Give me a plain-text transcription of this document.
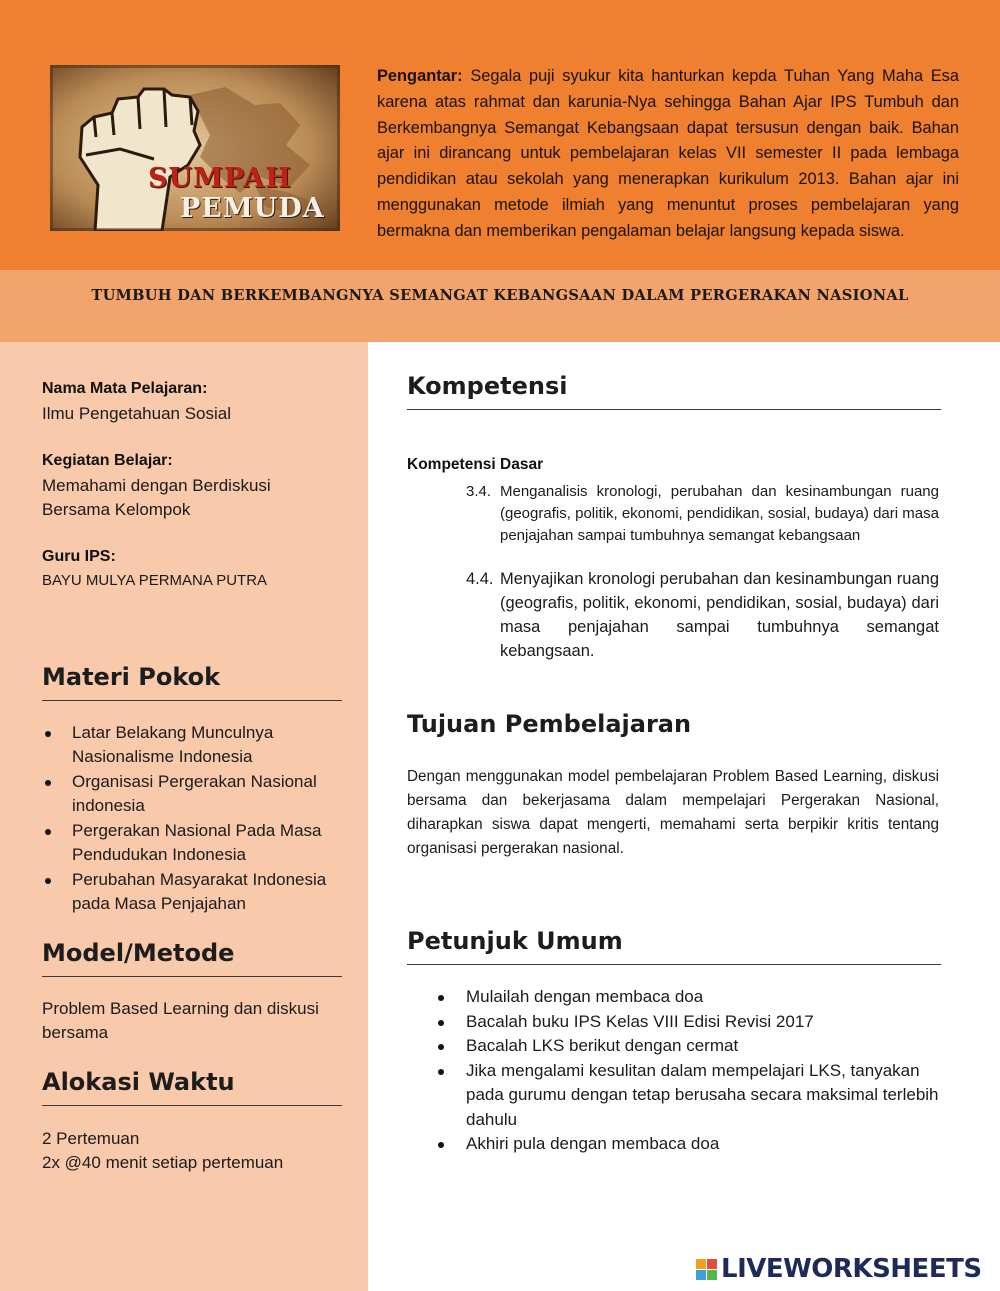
SUMPAH
PEMUDA

Pengantar: Segala puji syukur kita hanturkan kepda Tuhan Yang Maha Esa karena atas rahmat dan karunia-Nya sehingga Bahan Ajar IPS Tumbuh dan Berkembangnya Semangat Kebangsaan dapat tersusun dengan baik. Bahan ajar ini dirancang untuk pembelajaran kelas VII semester II pada lembaga pendidikan atau sekolah yang menerapkan kurikulum 2013. Bahan ajar ini menggunakan metode ilmiah yang menuntut proses pembelajaran yang bermakna dan memberikan pengalaman belajar langsung kepada siswa.

TUMBUH DAN BERKEMBANGNYA SEMANGAT KEBANGSAAN DALAM PERGERAKAN NASIONAL
Nama Mata Pelajaran:
Ilmu Pengetahuan Sosial
Kegiatan Belajar:
Memahami dengan Berdiskusi
Bersama Kelompok
Guru IPS:
BAYU MULYA PERMANA PUTRA
Materi Pokok
Latar Belakang Munculnya
Nasionalisme Indonesia
Organisasi Pergerakan Nasional
indonesia
Pergerakan Nasional Pada Masa
Pendudukan Indonesia
Perubahan Masyarakat Indonesia
pada Masa Penjajahan
Model/Metode
Problem Based Learning dan diskusi
bersama
Alokasi Waktu
2 Pertemuan
2x @40 menit setiap pertemuan
Kompetensi
Kompetensi Dasar
3.4. Menganalisis kronologi, perubahan dan kesinambungan ruang (geografis, politik, ekonomi, pendidikan, sosial, budaya) dari masa penjajahan sampai tumbuhnya semangat kebangsaan
4.4. Menyajikan kronologi perubahan dan kesinambungan ruang (geografis, politik, ekonomi, pendidikan, sosial, budaya) dari masa penjajahan sampai tumbuhnya semangat kebangsaan.
Tujuan Pembelajaran

Dengan menggunakan model pembelajaran Problem Based Learning, diskusi bersama dan bekerjasama dalam mempelajari Pergerakan Nasional, diharapkan siswa dapat mengerti, memahami serta berpikir kritis tentang organisasi pergerakan nasional.

Petunjuk Umum
Mulailah dengan membaca doa
Bacalah buku IPS Kelas VIII Edisi Revisi 2017
Bacalah LKS berikut dengan cermat
Jika mengalami kesulitan dalam mempelajari LKS, tanyakan pada gurumu dengan tetap berusaha secara maksimal terlebih dahulu
Akhiri pula dengan membaca doa
LIVEWORKSHEETS
